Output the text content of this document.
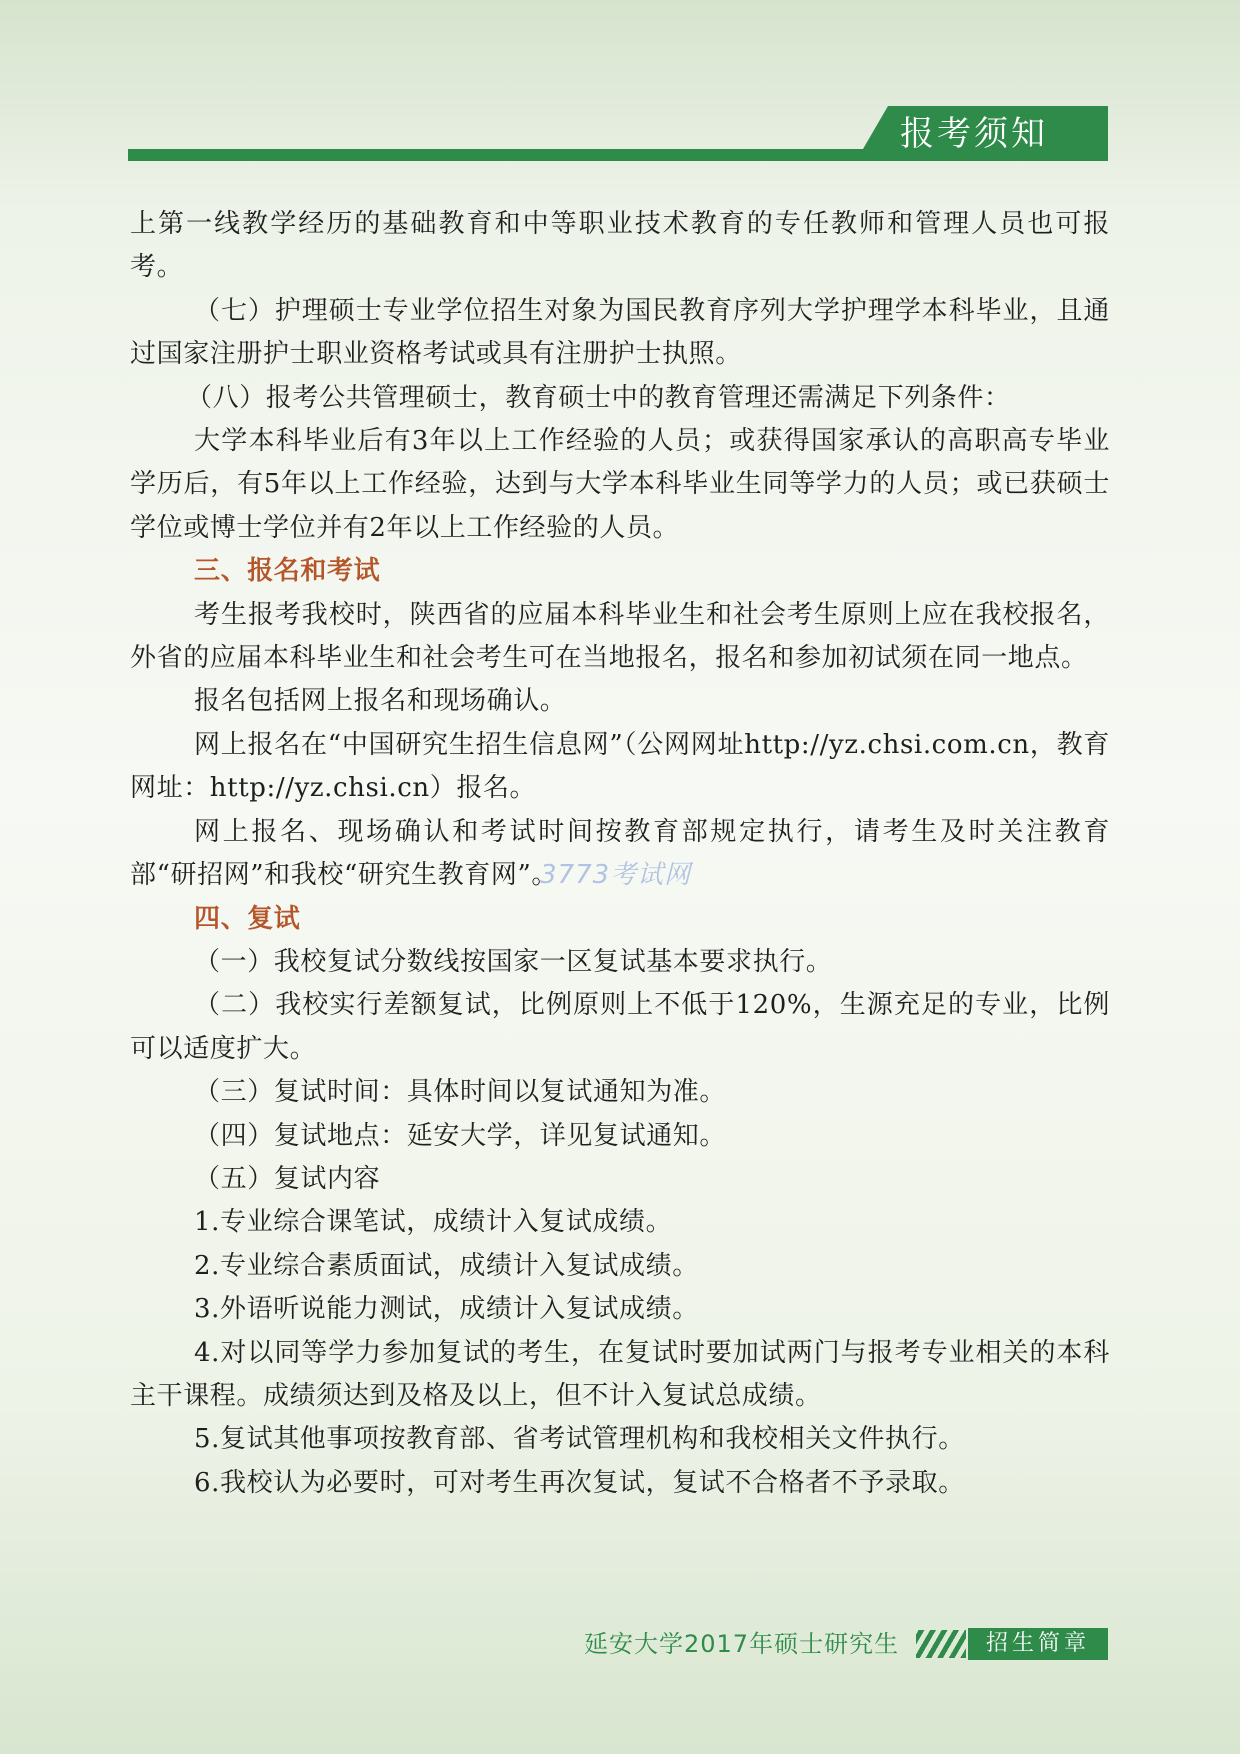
报考须知

上第一线教学经历的基础教育和中等职业技术教育的专任教师和管理人员也可报考。

（七）护理硕士专业学位招生对象为国民教育序列大学护理学本科毕业，且通过国家注册护士职业资格考试或具有注册护士执照。

（八）报考公共管理硕士，教育硕士中的教育管理还需满足下列条件：

大学本科毕业后有3年以上工作经验的人员；或获得国家承认的高职高专毕业学历后，有5年以上工作经验，达到与大学本科毕业生同等学力的人员；或已获硕士学位或博士学位并有2年以上工作经验的人员。

三、报名和考试

考生报考我校时，陕西省的应届本科毕业生和社会考生原则上应在我校报名，外省的应届本科毕业生和社会考生可在当地报名，报名和参加初试须在同一地点。

报名包括网上报名和现场确认。

网上报名在“中国研究生招生信息网”（公网网址http://yz.chsi.com.cn，教育网址：http://yz.chsi.cn）报名。

网上报名、现场确认和考试时间按教育部规定执行，请考生及时关注教育部“研招网”和我校“研究生教育网”。

四、复试

（一）我校复试分数线按国家一区复试基本要求执行。

（二）我校实行差额复试，比例原则上不低于120%，生源充足的专业，比例可以适度扩大。

（三）复试时间：具体时间以复试通知为准。

（四）复试地点：延安大学，详见复试通知。

（五）复试内容

1.专业综合课笔试，成绩计入复试成绩。

2.专业综合素质面试，成绩计入复试成绩。

3.外语听说能力测试，成绩计入复试成绩。

4.对以同等学力参加复试的考生，在复试时要加试两门与报考专业相关的本科主干课程。成绩须达到及格及以上，但不计入复试总成绩。

5.复试其他事项按教育部、省考试管理机构和我校相关文件执行。

6.我校认为必要时，可对考生再次复试，复试不合格者不予录取。

3773考试网
延安大学2017年硕士研究生	招生简章
